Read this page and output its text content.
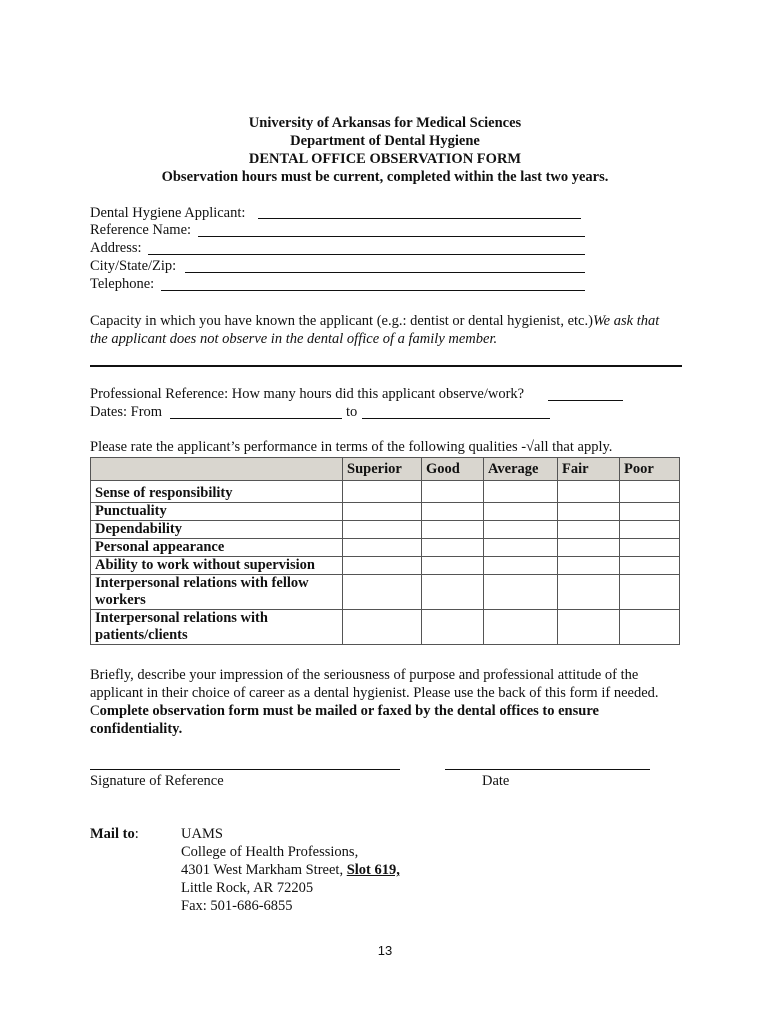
University of Arkansas for Medical Sciences
Department of Dental Hygiene
DENTAL OFFICE OBSERVATION FORM
Observation hours must be current, completed within the last two years.
Dental Hygiene Applicant:
Reference Name:
Address:
City/State/Zip:
Telephone:
Capacity in which you have known the applicant (e.g.: dentist or dental hygienist, etc.)We ask that the applicant does not observe in the dental office of a family member.
Professional Reference: How many hours did this applicant observe/work?
Dates: From	to
Please rate the applicant’s performance in terms of the following qualities -√all that apply.
	Superior	Good	Average	Fair	Poor
Sense of responsibility					
Punctuality					
Dependability					
Personal appearance					
Ability to work without supervision					
Interpersonal relations with fellow workers					
Interpersonal relations with patients/clients					
Briefly, describe your impression of the seriousness of purpose and professional attitude of the applicant in their choice of career as a dental hygienist. Please use the back of this form if needed. Complete observation form must be mailed or faxed by the dental offices to ensure confidentiality.
Signature of Reference	Date
Mail to:	UAMS
College of Health Professions,
4301 West Markham Street, Slot 619,
Little Rock, AR 72205
Fax: 501-686-6855
13
